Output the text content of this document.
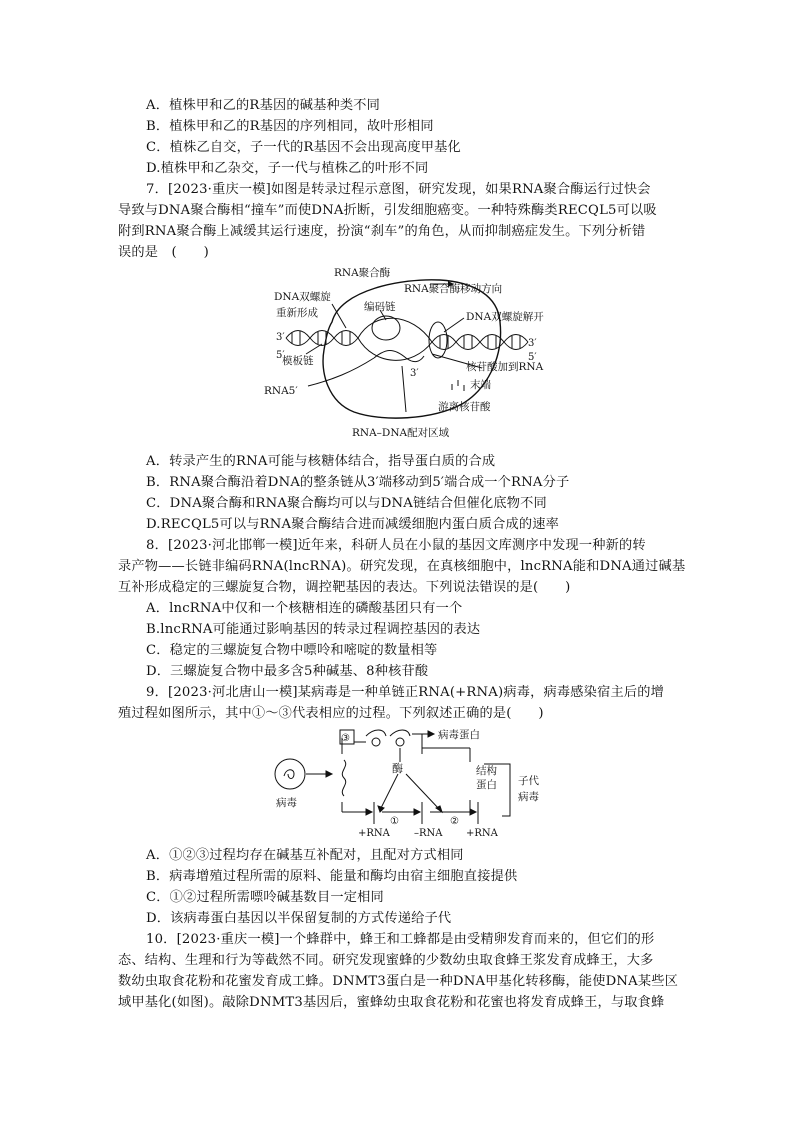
A．植株甲和乙的R基因的碱基种类不同
B．植株甲和乙的R基因的序列相同，故叶形相同
C．植株乙自交，子一代的R基因不会出现高度甲基化
D.植株甲和乙杂交，子一代与植株乙的叶形不同
7．[2023·重庆一模]如图是转录过程示意图，研究发现，如果RNA聚合酶运行过快会
导致与DNA聚合酶相“撞车”而使DNA折断，引发细胞癌变。一种特殊酶类RECQL5可以吸
附到RNA聚合酶上减缓其运行速度，扮演“刹车”的角色，从而抑制癌症发生。下列分析错
误的是　(　　)
RNA聚合酶
RNA聚合酶移动方向
DNA双螺旋
重新形成	编码链
DNA双螺旋解开
3′
5′
3′
5′
3′
模板链	核苷酸加到RNA
末端
RNA5′
游离核苷酸
RNA–DNA配对区域
A．转录产生的RNA可能与核糖体结合，指导蛋白质的合成
B．RNA聚合酶沿着DNA的整条链从3′端移动到5′端合成一个RNA分子
C．DNA聚合酶和RNA聚合酶均可以与DNA链结合但催化底物不同
D.RECQL5可以与RNA聚合酶结合进而减缓细胞内蛋白质合成的速率
8．[2023·河北邯郸一模]近年来，科研人员在小鼠的基因文库测序中发现一种新的转
录产物——长链非编码RNA(lncRNA)。研究发现，在真核细胞中，lncRNA能和DNA通过碱基
互补形成稳定的三螺旋复合物，调控靶基因的表达。下列说法错误的是(　　)
A．lncRNA中仅和一个核糖相连的磷酸基团只有一个
B.lncRNA可能通过影响基因的转录过程调控基因的表达
C．稳定的三螺旋复合物中嘌呤和嘧啶的数量相等
D．三螺旋复合物中最多含5种碱基、8种核苷酸
9．[2023·河北唐山一模]某病毒是一种单链正RNA(+RNA)病毒，病毒感染宿主后的增
殖过程如图所示，其中①～③代表相应的过程。下列叙述正确的是(　　)
③	病毒蛋白
酶	结构
蛋白
病毒
子代
病毒
+RNA
①
–RNA
②
+RNA
A．①②③过程均存在碱基互补配对，且配对方式相同
B．病毒增殖过程所需的原料、能量和酶均由宿主细胞直接提供
C．①②过程所需嘌呤碱基数目一定相同
D．该病毒蛋白基因以半保留复制的方式传递给子代
10．[2023·重庆一模]一个蜂群中，蜂王和工蜂都是由受精卵发育而来的，但它们的形
态、结构、生理和行为等截然不同。研究发现蜜蜂的少数幼虫取食蜂王浆发育成蜂王，大多
数幼虫取食花粉和花蜜发育成工蜂。DNMT3蛋白是一种DNA甲基化转移酶，能使DNA某些区
域甲基化(如图)。敲除DNMT3基因后，蜜蜂幼虫取食花粉和花蜜也将发育成蜂王，与取食蜂
